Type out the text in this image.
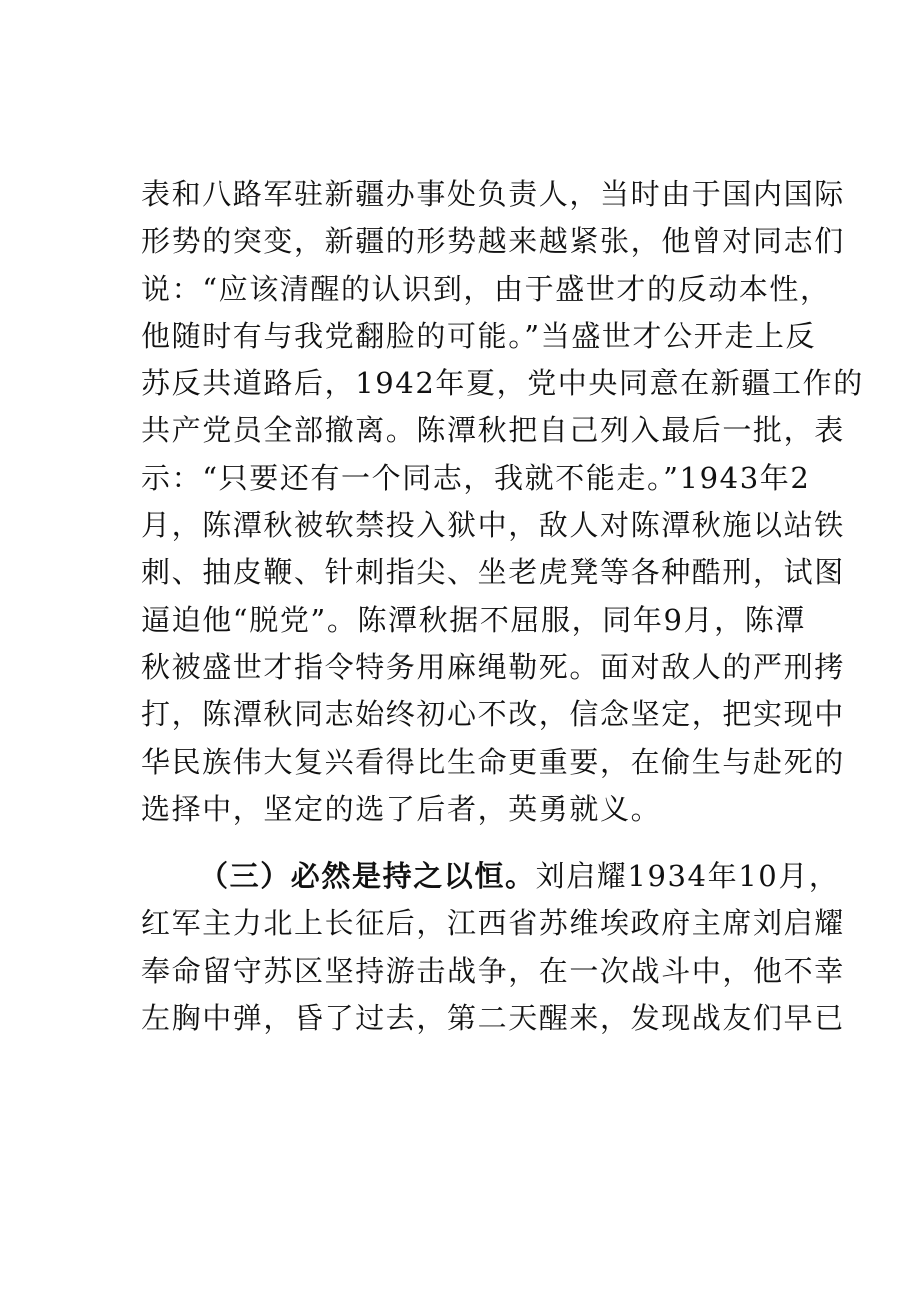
表和八路军驻新疆办事处负责人，当时由于国内国际
形势的突变，新疆的形势越来越紧张，他曾对同志们
说：“应该清醒的认识到，由于盛世才的反动本性，
他随时有与我党翻脸的可能。”当盛世才公开走上反
苏反共道路后，1942年夏，党中央同意在新疆工作的
共产党员全部撤离。陈潭秋把自己列入最后一批，表
示：“只要还有一个同志，我就不能走。”1943年2
月，陈潭秋被软禁投入狱中，敌人对陈潭秋施以站铁
刺、抽皮鞭、针刺指尖、坐老虎凳等各种酷刑，试图
逼迫他“脱党”。陈潭秋据不屈服，同年9月，陈潭
秋被盛世才指令特务用麻绳勒死。面对敌人的严刑拷
打，陈潭秋同志始终初心不改，信念坚定，把实现中
华民族伟大复兴看得比生命更重要，在偷生与赴死的
选择中，坚定的选了后者，英勇就义。
（三）必然是持之以恒。刘启耀1934年10月，
红军主力北上长征后，江西省苏维埃政府主席刘启耀
奉命留守苏区坚持游击战争，在一次战斗中，他不幸
左胸中弹，昏了过去，第二天醒来，发现战友们早已
